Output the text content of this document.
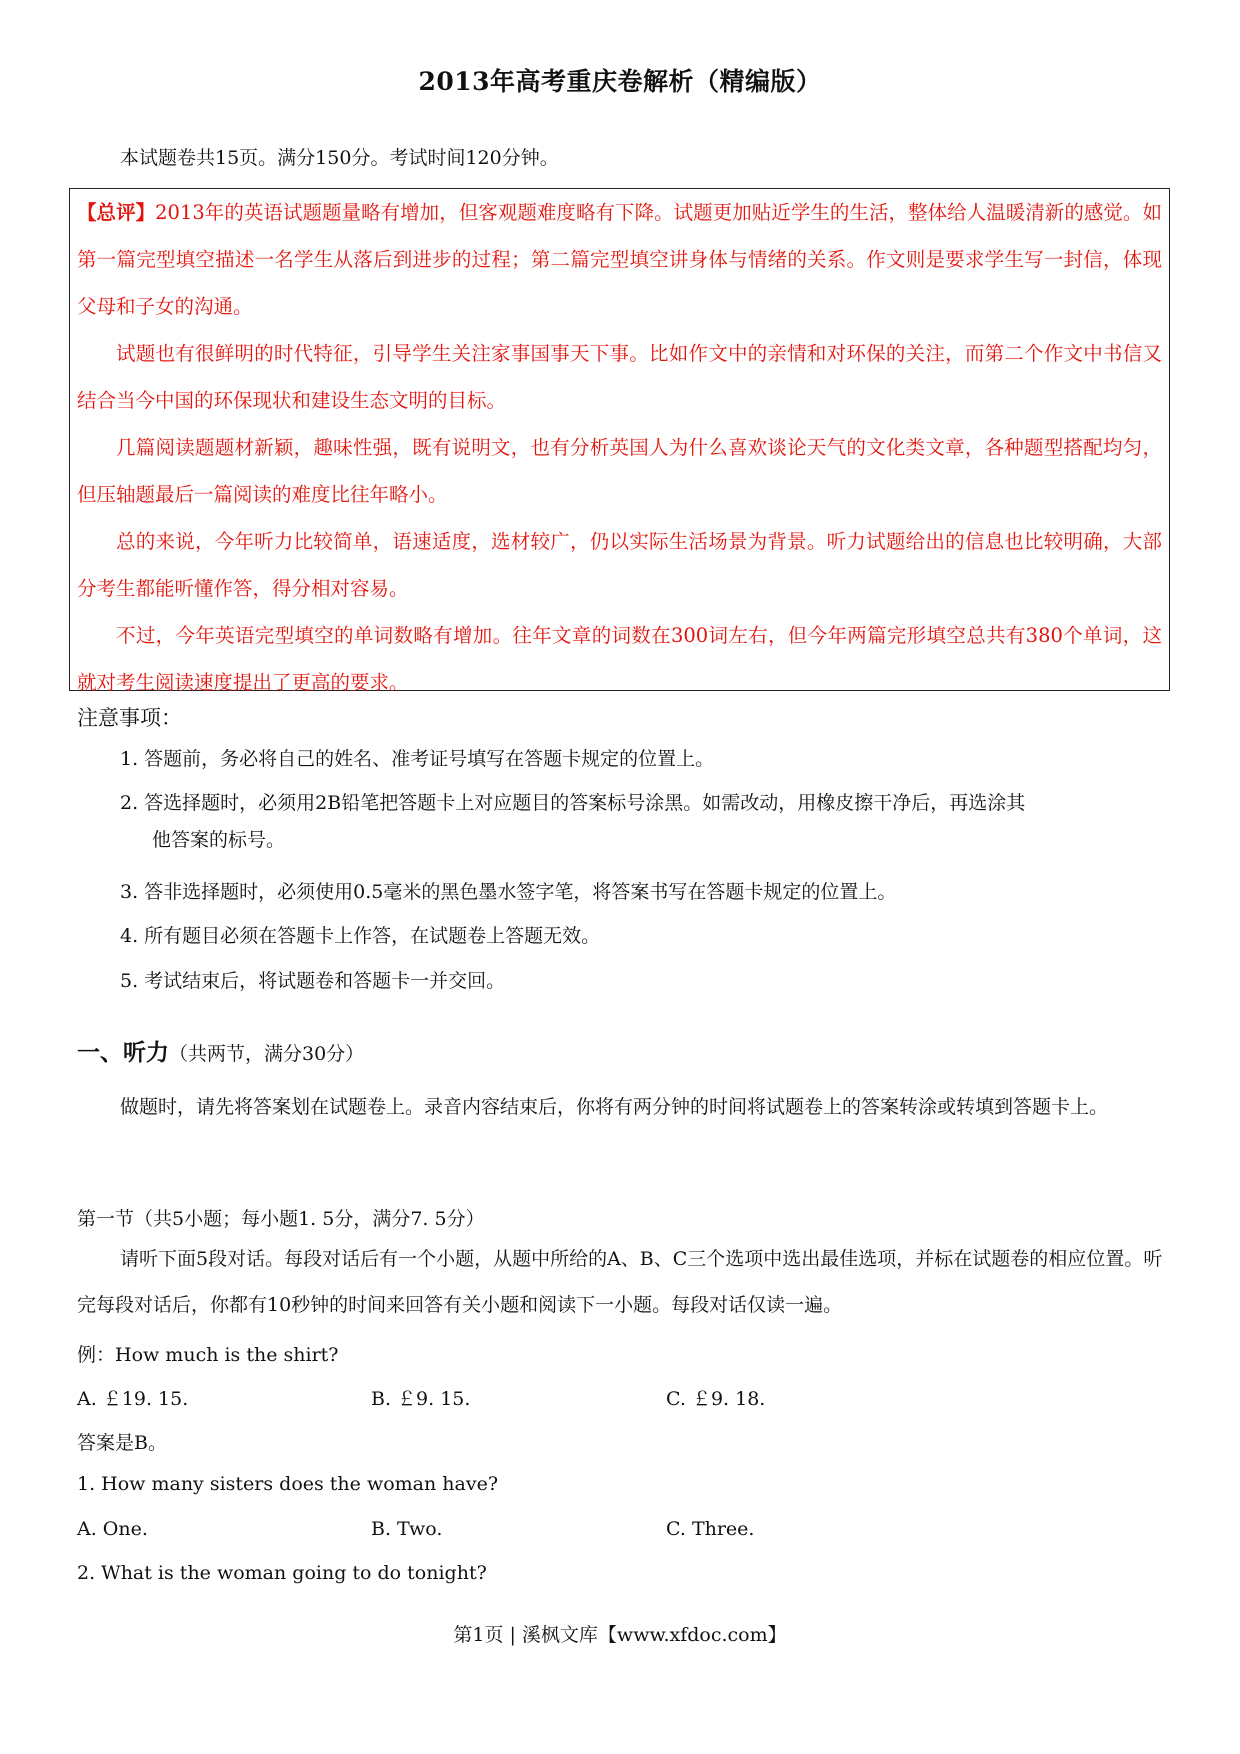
2013年高考重庆卷解析（精编版）
本试题卷共15页。满分150分。考试时间120分钟。

【总评】2013年的英语试题题量略有增加，但客观题难度略有下降。试题更加贴近学生的生活，整体给人温暖清新的感觉。如第一篇完型填空描述一名学生从落后到进步的过程；第二篇完型填空讲身体与情绪的关系。作文则是要求学生写一封信，体现父母和子女的沟通。

试题也有很鲜明的时代特征，引导学生关注家事国事天下事。比如作文中的亲情和对环保的关注，而第二个作文中书信又结合当今中国的环保现状和建设生态文明的目标。

几篇阅读题题材新颖，趣味性强，既有说明文，也有分析英国人为什么喜欢谈论天气的文化类文章，各种题型搭配均匀，但压轴题最后一篇阅读的难度比往年略小。

总的来说，今年听力比较简单，语速适度，选材较广，仍以实际生活场景为背景。听力试题给出的信息也比较明确，大部分考生都能听懂作答，得分相对容易。

不过，今年英语完型填空的单词数略有增加。往年文章的词数在300词左右，但今年两篇完形填空总共有380个单词，这就对考生阅读速度提出了更高的要求。

注意事项：
1. 答题前，务必将自己的姓名、准考证号填写在答题卡规定的位置上。
2. 答选择题时，必须用2B铅笔把答题卡上对应题目的答案标号涂黑。如需改动，用橡皮擦干净后，再选涂其
他答案的标号。
3. 答非选择题时，必须使用0.5毫米的黑色墨水签字笔，将答案书写在答题卡规定的位置上。
4. 所有题目必须在答题卡上作答，在试题卷上答题无效。
5. 考试结束后，将试题卷和答题卡一并交回。
一、听力（共两节，满分30分）
做题时，请先将答案划在试题卷上。录音内容结束后，你将有两分钟的时间将试题卷上的答案转涂或转填到答题卡上。
第一节（共5小题；每小题1. 5分，满分7. 5分）
请听下面5段对话。每段对话后有一个小题，从题中所给的A、B、C三个选项中选出最佳选项，并标在试题卷的相应位置。听完每段对话后，你都有10秒钟的时间来回答有关小题和阅读下一小题。每段对话仅读一遍。
例：How much is the shirt?
A. ￡19. 15.	B. ￡9. 15.	C. ￡9. 18.
答案是B。
1. How many sisters does the woman have?
A. One.	B. Two.	C. Three.
2. What is the woman going to do tonight?
第1页 | 溪枫文库【www.xfdoc.com】
